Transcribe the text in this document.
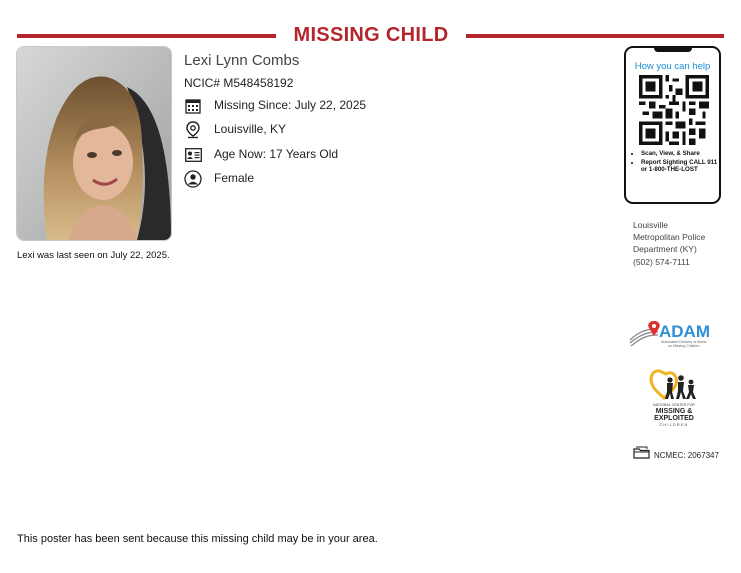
MISSING CHILD
Lexi was last seen on July 22, 2025.
Lexi Lynn Combs
NCIC# M548458192
Missing Since: July 22, 2025
Louisville, KY
Age Now: 17 Years Old
Female
How you can help
• Scan, View, & Share
• Report Sighting CALL 911 or 1-800-THE-LOST
Louisville
Metropolitan Police
Department (KY)
(502) 574-7111
ADAM
Automated Delivery of Alerts
on Missing Children
NATIONAL CENTER FOR
MISSING &
EXPLOITED
CHILDREN
NCMEC: 2067347
This poster has been sent because this missing child may be in your area.
